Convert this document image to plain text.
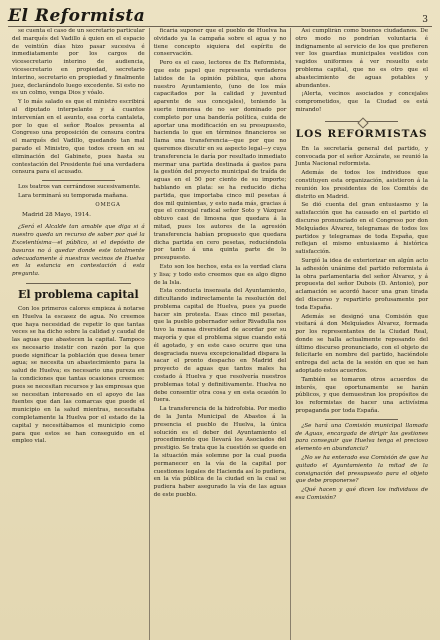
El Reformista	3

se cuenta el caso de un secretario particular del marqués del Vadillo á quien en el espacio de veintiún días hizo pasar sucesiva é inmediatamente por los cargos de vicesecretario interino de audiencia, vicesecretario en propiedad, secretario interino, secretario en propiedad y finalmente juez, declarándolo luego excedente. Si esto no es un colmo, venga Dios y vóalo.

Y lo más salado es que el ministro escribirá al diputado interpelante y á cuantos intervenían en el asunto, esa corta cantaleta, por lo que el señor Roalos presenta al Congreso una proposición de censura contra el marqués del Vadillo, quedando tan mal parado el Ministro, que todos creen en su eliminación del Gabinete, pues hasta su contestación del Presidente fué una verdadera censura para el acusado.

Los teatros van cerrándose sucesivamente.

Lara terminará su temporada mañana.

OMEGA

Madrid 28 Mayo, 1914.

¿Será el Alcalde tan amable que diga si á nuestro queda un recurso de saber por qué la Excelentísima—el público, si el depósito de basuras no á quedar donde este totalmente adecuadamente á nuestras vecinos de Huelva en la estancia en contestación á esta pregunta.

El problema capital

Con los primeros calores empieza á notarse en Huelva la escasez de agua. No creemos que haya necesidad de repetir lo que tantas veces se ha dicho sobre la calidad y caudal de las aguas que abastecen la capital. Tampoco es necesario insistir con razón por la que puede significar la población que desea tener agua; se necesita un abastecimiento para la salud de Huelva; es necesario una pureza en la condiciones que tantas ocasiones creemos: pues se necesitan recursos y las empresas que se necesitan interesado en el apoyo de las fuentes que dan las comarcas que puede el municipio en la salud mientras, necesitaba completamente la Huelva por el estado de la capital y necesitábamos el municipio como para que estos se han conseguido en el empleo vial.

ficaría suponer que el pueblo de Huelva ha olvidado ya la campaña sobre el agua y no tiene concepto siquiera del espíritu de conservación.

Pero es el caso, lectores de Ex Reformista, que este papel que representa verdaderos latidos de la opinión pública, que ahora nuestro Ayuntamiento, (uno de los más capacitados por la calidad y juventud aparente de sus concejales), teniendo la suerte inmensa de no ser dominado por completo por una bandería política, cuida de aportar una modificación en su presupuesto, hacienda lo que en términos financieros se llama una transferencia—que por que no queremos discutir en su aspecto legal—y cuya transferencia le daría por resultado inmediato mermar una partida destinada á gastos para la gestión del proyecto municipal de traída de aguas en el 50 por ciento de su importe; hablando en plata: se ha reducido dicha partida, que importaba cinco mil pesetas á dos mil quinientas, y esto nada más, gracias á que el concejal radical señor Soto y Vázquez obtuvo casi de limosna que quedara á la mitad, pues los autores de la agresión transferencia habían propuesto que quedara dicha partida en cero pesetas, reduciéndola por tanto á una quinta parte de lo presupuesto.

Esto son los hechos, esta es la verdad clara y lisa; y todo esto creemos que es algo digno de la Isla.

Esta conducta insensata del Ayuntamiento, dificultando indirectamente la resolución del problema capital de Huelva, pues ya puede hacer sin protesta. Esas cinco mil pesetas, que la pueblo gobernador señor Rivadulla nos tuvo la mansa diversidad de acordar por su mayoría y que el problema sigue cuando está él agotado, y en este caso ocurre que una desgraciada nueva excepcionalidad dispara la sacar el pronto despacho en Madrid del proyecto de aguas que tantos males ha costado á Huelva y que resolvería nuestros problemas total y definitivamente. Huelva no debe consentir otra cosa y en esta ocasión lo fuera.

La transferencia de la hidrofobia. Por medio de la Junta Municipal de Abastos á la presencia el pueblo de Huelva, la única solución es el deber del Ayuntamiento el procedimiento que llevará los Asociados del prestigio. Se trata que la cuestión se quede en la situación más solemne por la cual pueda permanecer en la vía de la capital por cuestiones legales de Hacienda así lo pudiera, en la vía pública de la ciudad en la cual se pudiera haber asegurado la vía de las aguas de este pueblo.

Así cumplirán como buenos ciudadanos. De otro modo no pondrían voluntaria é indignamente al servicio de los que prefieren ver los guardias municipales vestidos con vagidos uniformes á ver resuelto este problema capital, que no es otro que el abastecimiento de aguas potables y abundantes.

¡Alerta, vecinos asociados y concejales comprometidos, que la Ciudad os está mirando!

LOS REFORMISTAS

En la secretaría general del partido, y convocada por el señor Azcárate, se reunió la Junta Nacional reformista.

Además de todos los individuos que constituyen esta organización, asistieron á la reunión los presidentes de los Comités de distrito en Madrid.

Se dió cuenta del gran entusiasmo y la satisfacción que ha causado en el partido el discurso pronunciado en el Congreso por don Melquíades Álvarez, telegramas de todos los partidos y telegramas de toda España, que reflejan el mismo entusiasmo á histórica satisfacción.

Surgió la idea de exteriorizar en algún acto la adhesión unánime del partido reformista á la obra parlamentaria del señor Álvarez, y á propuesta del señor Dubois (D. Antonio), por aclamación se acordó hacer una gran tirada del discurso y repartirlo profusamente por toda España.

Además se designó una Comisión que visitará á don Melquíades Álvarez, formada por los representantes de la Ciudad Real, donde se halla actualmente reposando del último discurso pronunciado, con el objeto de felicitarle en nombre del partido, haciéndole entrega del acta de la sesión en que se han adoptado estos acuerdos.

También se tomaron otros acuerdos de interés, que oportunamente se harán públicos, y que demuestran los propósitos de los reformistas de hacer una activísima propaganda por toda España.

¿Se hará una Comisión municipal llamada de Aguas, encargada de dirigir las gestiones para conseguir que Huelva tenga el precioso elemento en abundancia?

¿No se ha enterado esa Comisión de que ha quitado el Ayuntamiento la mitad de la consignación del presupuesto para el objeto que debe proponerse?

¿Qué hacen y qué dicen los individuos de esa Comisión?
